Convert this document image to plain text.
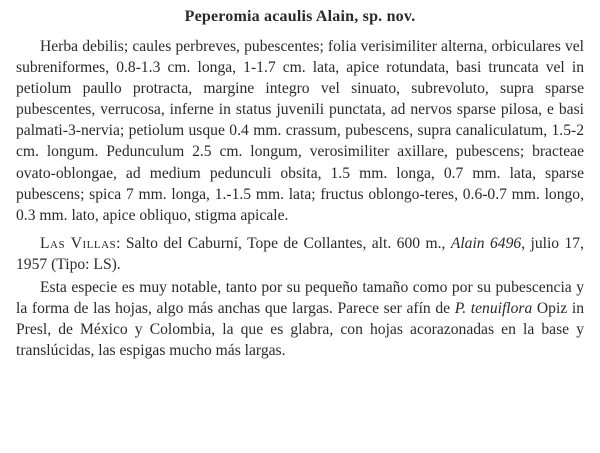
Peperomia acaulis Alain, sp. nov.

Herba debilis; caules perbreves, pubescentes; folia verisimiliter alterna, orbiculares vel subreniformes, 0.8-1.3 cm. longa, 1-1.7 cm. lata, apice rotundata, basi truncata vel in petiolum paullo protracta, margine integro vel sinuato, subrevoluto, supra sparse pubescentes, verrucosa, inferne in status juvenili punctata, ad nervos sparse pilosa, e basi palmati-3-nervia; petiolum usque 0.4 mm. crassum, pubescens, supra canaliculatum, 1.5-2 cm. longum. Pedunculum 2.5 cm. longum, verosimiliter axillare, pubescens; bracteae ovato-oblongae, ad medium pedunculi obsita, 1.5 mm. longa, 0.7 mm. lata, sparse pubescens; spica 7 mm. longa, 1.-1.5 mm. lata; fructus oblongo-teres, 0.6-0.7 mm. longo, 0.3 mm. lato, apice obliquo, stigma apicale.

Las Villas: Salto del Caburní, Tope de Collantes, alt. 600 m., Alain 6496, julio 17, 1957 (Tipo: LS).

Esta especie es muy notable, tanto por su pequeño tamaño como por su pubescencia y la forma de las hojas, algo más anchas que largas. Parece ser afín de P. tenuiflora Opiz in Presl, de México y Colombia, la que es glabra, con hojas acorazonadas en la base y translúcidas, las espigas mucho más largas.
